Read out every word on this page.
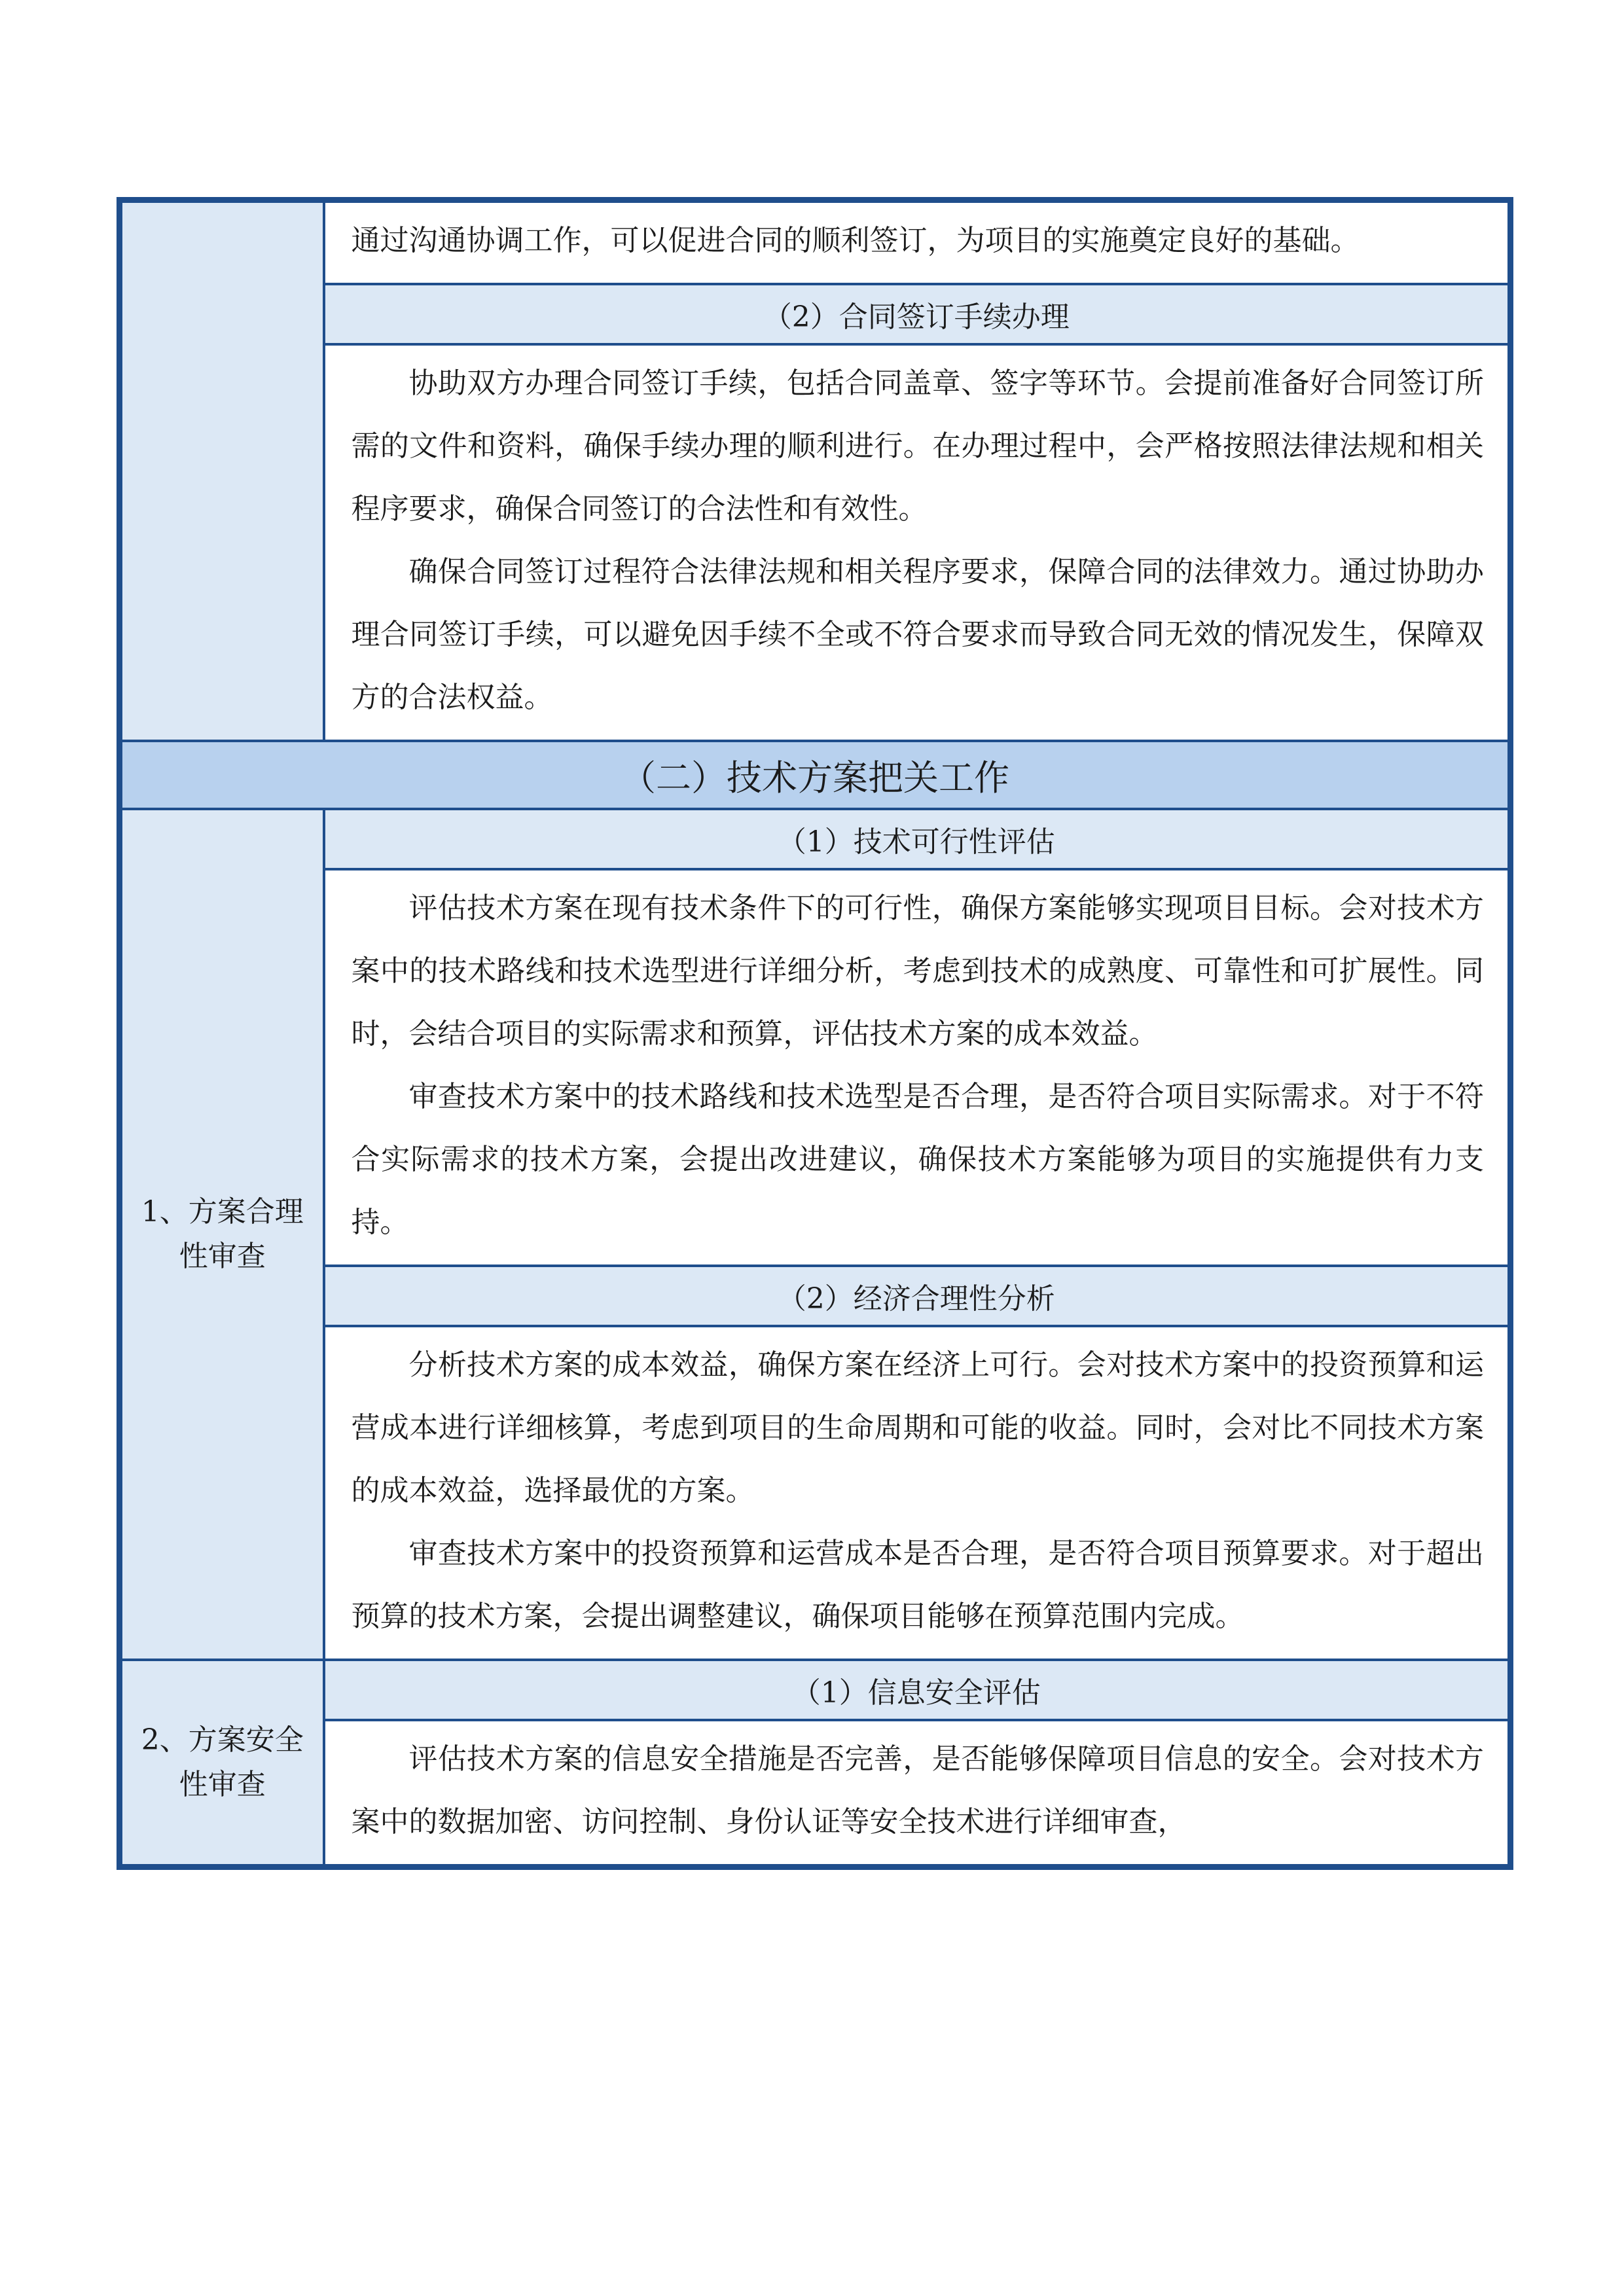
	通过沟通协调工作，可以促进合同的顺利签订，为项目的实施奠定良好的基础。

	（2）合同签订手续办理

	协助双方办理合同签订手续，包括合同盖章、签字等环节。会提前准备好合同签订所需的文件和资料，确保手续办理的顺利进行。在办理过程中，会严格按照法律法规和相关程序要求，确保合同签订的合法性和有效性。

确保合同签订过程符合法律法规和相关程序要求，保障合同的法律效力。通过协助办理合同签订手续，可以避免因手续不全或不符合要求而导致合同无效的情况发生，保障双方的合法权益。

（二）技术方案把关工作	
1、方案合理性审查	（1）技术可行性评估

	评估技术方案在现有技术条件下的可行性，确保方案能够实现项目目标。会对技术方案中的技术路线和技术选型进行详细分析，考虑到技术的成熟度、可靠性和可扩展性。同时，会结合项目的实际需求和预算，评估技术方案的成本效益。

审查技术方案中的技术路线和技术选型是否合理，是否符合项目实际需求。对于不符合实际需求的技术方案，会提出改进建议，确保技术方案能够为项目的实施提供有力支持。

	（2）经济合理性分析

	分析技术方案的成本效益，确保方案在经济上可行。会对技术方案中的投资预算和运营成本进行详细核算，考虑到项目的生命周期和可能的收益。同时，会对比不同技术方案的成本效益，选择最优的方案。

审查技术方案中的投资预算和运营成本是否合理，是否符合项目预算要求。对于超出预算的技术方案，会提出调整建议，确保项目能够在预算范围内完成。

2、方案安全性审查	（1）信息安全评估

	评估技术方案的信息安全措施是否完善，是否能够保障项目信息的安全。会对技术方案中的数据加密、访问控制、身份认证等安全技术进行详细审查，
